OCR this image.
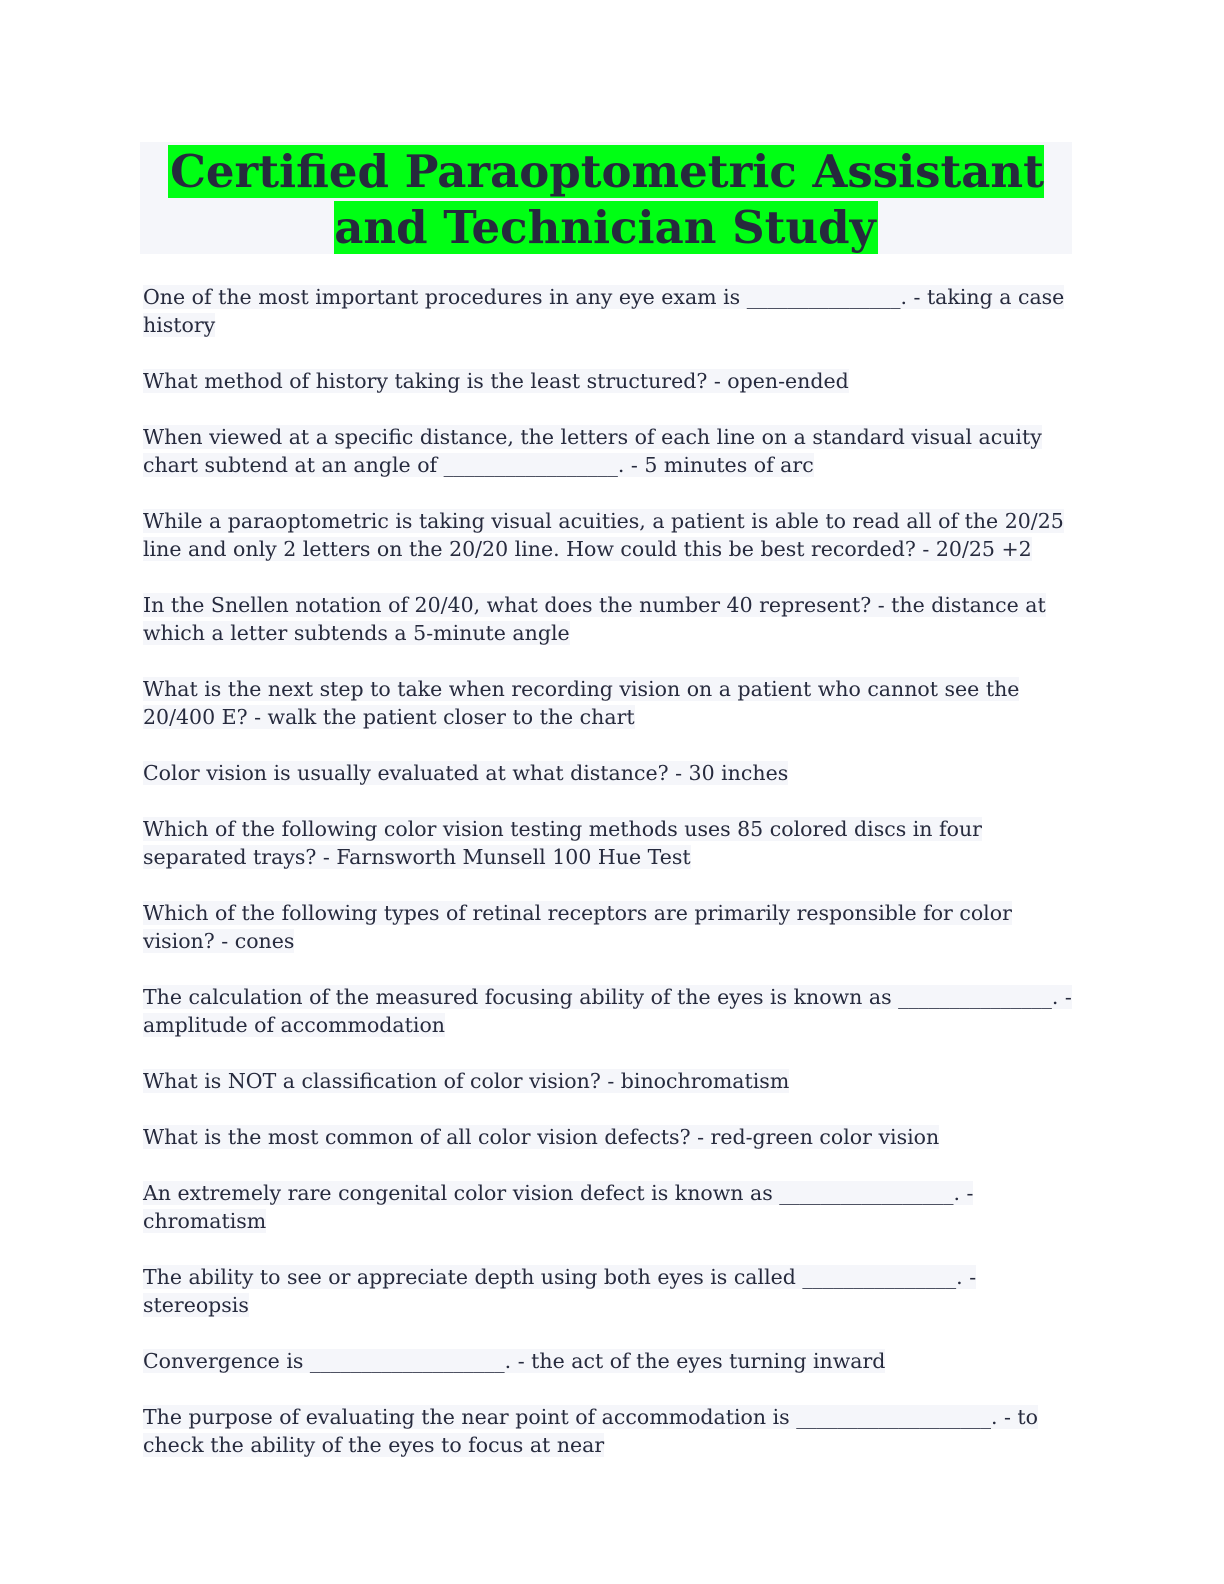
Certified Paraoptometric Assistant and Technician Study
One of the most important procedures in any eye exam is _______________. - taking a case history
What method of history taking is the least structured? - open-ended
When viewed at a specific distance, the letters of each line on a standard visual acuity chart subtend at an angle of _________________. - 5 minutes of arc
While a paraoptometric is taking visual acuities, a patient is able to read all of the 20/25 line and only 2 letters on the 20/20 line. How could this be best recorded? - 20/25 +2
In the Snellen notation of 20/40, what does the number 40 represent? - the distance at which a letter subtends a 5-minute angle
What is the next step to take when recording vision on a patient who cannot see the 20/400 E? - walk the patient closer to the chart
Color vision is usually evaluated at what distance? - 30 inches
Which of the following color vision testing methods uses 85 colored discs in four separated trays? - Farnsworth Munsell 100 Hue Test
Which of the following types of retinal receptors are primarily responsible for color vision? - cones
The calculation of the measured focusing ability of the eyes is known as _______________. - amplitude of accommodation
What is NOT a classification of color vision? - binochromatism
What is the most common of all color vision defects? - red-green color vision
An extremely rare congenital color vision defect is known as _________________. - chromatism
The ability to see or appreciate depth using both eyes is called _______________. - stereopsis
Convergence is ___________________. - the act of the eyes turning inward
The purpose of evaluating the near point of accommodation is ___________________. - to check the ability of the eyes to focus at near
